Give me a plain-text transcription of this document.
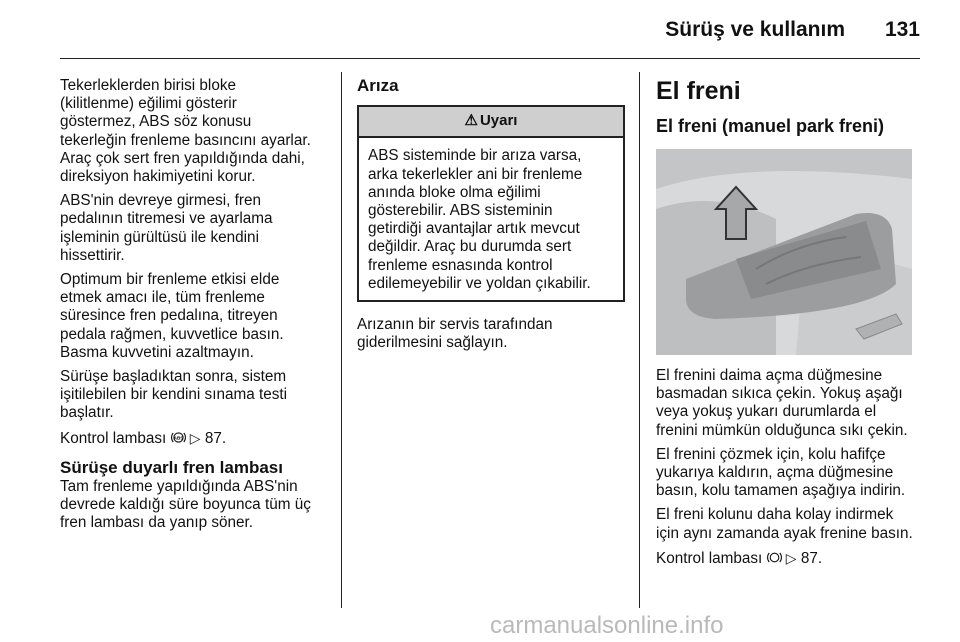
Sürüş ve kullanım 131

Tekerleklerden birisi bloke
(kilitlenme) eğilimi gösterir
göstermez, ABS söz konusu
tekerleğin frenleme basıncını ayarlar.
Araç çok sert fren yapıldığında dahi,
direksiyon hakimiyetini korur.

ABS'nin devreye girmesi, fren
pedalının titremesi ve ayarlama
işleminin gürültüsü ile kendini
hissettirir.

Optimum bir frenleme etkisi elde
etmek amacı ile, tüm frenleme
süresince fren pedalına, titreyen
pedala rağmen, kuvvetlice basın.
Basma kuvvetini azaltmayın.

Sürüşe başladıktan sonra, sistem
işitilebilen bir kendini sınama testi
başlatır.

Kontrol lambası ABS ▷ 87.

Sürüşe duyarlı fren lambası

Tam frenleme yapıldığında ABS'nin
devrede kaldığı süre boyunca tüm üç
fren lambası da yanıp söner.

Arıza
⚠ Uyarı
ABS sisteminde bir arıza varsa,
arka tekerlekler ani bir frenleme
anında bloke olma eğilimi
gösterebilir. ABS sisteminin
getirdiği avantajlar artık mevcut
değildir. Araç bu durumda sert
frenleme esnasında kontrol
edilemeyebilir ve yoldan çıkabilir.

Arızanın bir servis tarafından
giderilmesini sağlayın.

El freni
El freni (manuel park freni)

El frenini daima açma düğmesine
basmadan sıkıca çekin. Yokuş aşağı
veya yokuş yukarı durumlarda el
frenini mümkün olduğunca sıkı çekin.

El frenini çözmek için, kolu hafifçe
yukarıya kaldırın, açma düğmesine
basın, kolu tamamen aşağıya indirin.

El freni kolunu daha kolay indirmek
için aynı zamanda ayak frenine basın.

Kontrol lambası ▷ 87.

carmanualsonline.info
